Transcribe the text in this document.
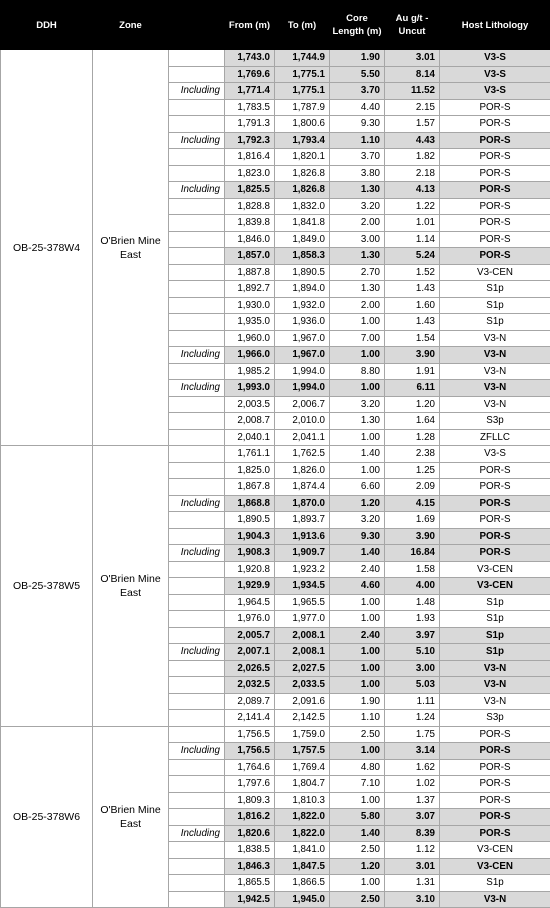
DDH	Zone		From (m)	To (m)	Core Length (m)	Au g/t - Uncut	Host Lithology
OB-25-378W4	O'Brien Mine East		1,743.0	1,744.9	1.90	3.01	V3-S
			1,769.6	1,775.1	5.50	8.14	V3-S
		Including	1,771.4	1,775.1	3.70	11.52	V3-S
			1,783.5	1,787.9	4.40	2.15	POR-S
			1,791.3	1,800.6	9.30	1.57	POR-S
		Including	1,792.3	1,793.4	1.10	4.43	POR-S
			1,816.4	1,820.1	3.70	1.82	POR-S
			1,823.0	1,826.8	3.80	2.18	POR-S
		Including	1,825.5	1,826.8	1.30	4.13	POR-S
			1,828.8	1,832.0	3.20	1.22	POR-S
			1,839.8	1,841.8	2.00	1.01	POR-S
			1,846.0	1,849.0	3.00	1.14	POR-S
			1,857.0	1,858.3	1.30	5.24	POR-S
			1,887.8	1,890.5	2.70	1.52	V3-CEN
			1,892.7	1,894.0	1.30	1.43	S1p
			1,930.0	1,932.0	2.00	1.60	S1p
			1,935.0	1,936.0	1.00	1.43	S1p
			1,960.0	1,967.0	7.00	1.54	V3-N
		Including	1,966.0	1,967.0	1.00	3.90	V3-N
			1,985.2	1,994.0	8.80	1.91	V3-N
		Including	1,993.0	1,994.0	1.00	6.11	V3-N
			2,003.5	2,006.7	3.20	1.20	V3-N
			2,008.7	2,010.0	1.30	1.64	S3p
			2,040.1	2,041.1	1.00	1.28	ZFLLC
OB-25-378W5	O'Brien Mine East		1,761.1	1,762.5	1.40	2.38	V3-S
			1,825.0	1,826.0	1.00	1.25	POR-S
			1,867.8	1,874.4	6.60	2.09	POR-S
		Including	1,868.8	1,870.0	1.20	4.15	POR-S
			1,890.5	1,893.7	3.20	1.69	POR-S
			1,904.3	1,913.6	9.30	3.90	POR-S
		Including	1,908.3	1,909.7	1.40	16.84	POR-S
			1,920.8	1,923.2	2.40	1.58	V3-CEN
			1,929.9	1,934.5	4.60	4.00	V3-CEN
			1,964.5	1,965.5	1.00	1.48	S1p
			1,976.0	1,977.0	1.00	1.93	S1p
			2,005.7	2,008.1	2.40	3.97	S1p
		Including	2,007.1	2,008.1	1.00	5.10	S1p
			2,026.5	2,027.5	1.00	3.00	V3-N
			2,032.5	2,033.5	1.00	5.03	V3-N
			2,089.7	2,091.6	1.90	1.11	V3-N
			2,141.4	2,142.5	1.10	1.24	S3p
OB-25-378W6	O'Brien Mine East		1,756.5	1,759.0	2.50	1.75	POR-S
		Including	1,756.5	1,757.5	1.00	3.14	POR-S
			1,764.6	1,769.4	4.80	1.62	POR-S
			1,797.6	1,804.7	7.10	1.02	POR-S
			1,809.3	1,810.3	1.00	1.37	POR-S
			1,816.2	1,822.0	5.80	3.07	POR-S
		Including	1,820.6	1,822.0	1.40	8.39	POR-S
			1,838.5	1,841.0	2.50	1.12	V3-CEN
			1,846.3	1,847.5	1.20	3.01	V3-CEN
			1,865.5	1,866.5	1.00	1.31	S1p
			1,942.5	1,945.0	2.50	3.10	V3-N
